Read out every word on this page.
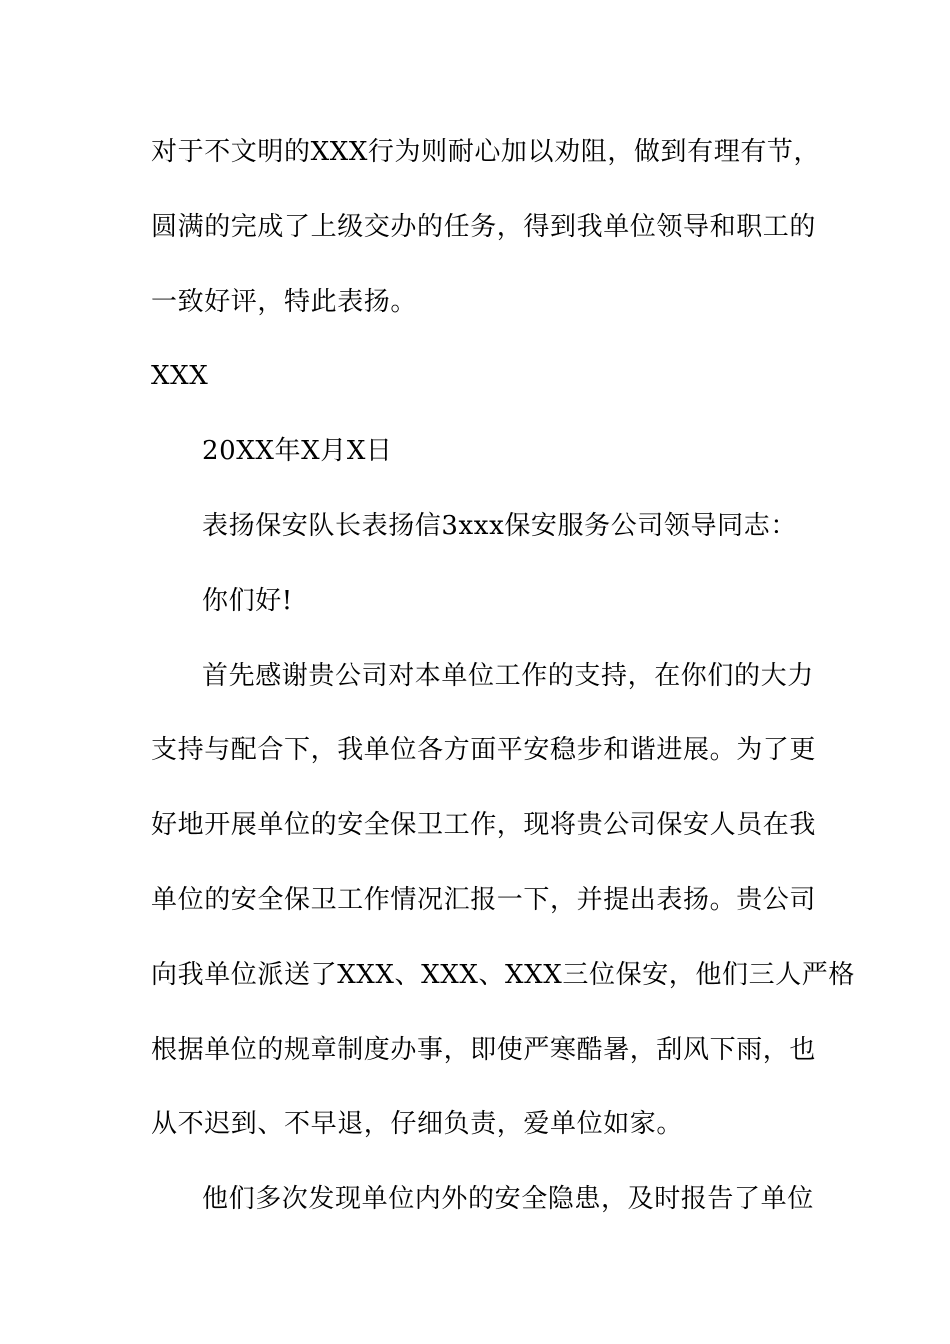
对于不文明的XXX行为则耐心加以劝阻，做到有理有节，
圆满的完成了上级交办的任务，得到我单位领导和职工的
一致好评，特此表扬。
XXX
20XX年X月X日
表扬保安队长表扬信3xxx保安服务公司领导同志：
你们好!
首先感谢贵公司对本单位工作的支持，在你们的大力
支持与配合下，我单位各方面平安稳步和谐进展。为了更
好地开展单位的安全保卫工作，现将贵公司保安人员在我
单位的安全保卫工作情况汇报一下，并提出表扬。贵公司
向我单位派送了XXX、XXX、XXX三位保安，他们三人严格
根据单位的规章制度办事，即使严寒酷暑，刮风下雨，也
从不迟到、不早退，仔细负责，爱单位如家。
他们多次发现单位内外的安全隐患，及时报告了单位
